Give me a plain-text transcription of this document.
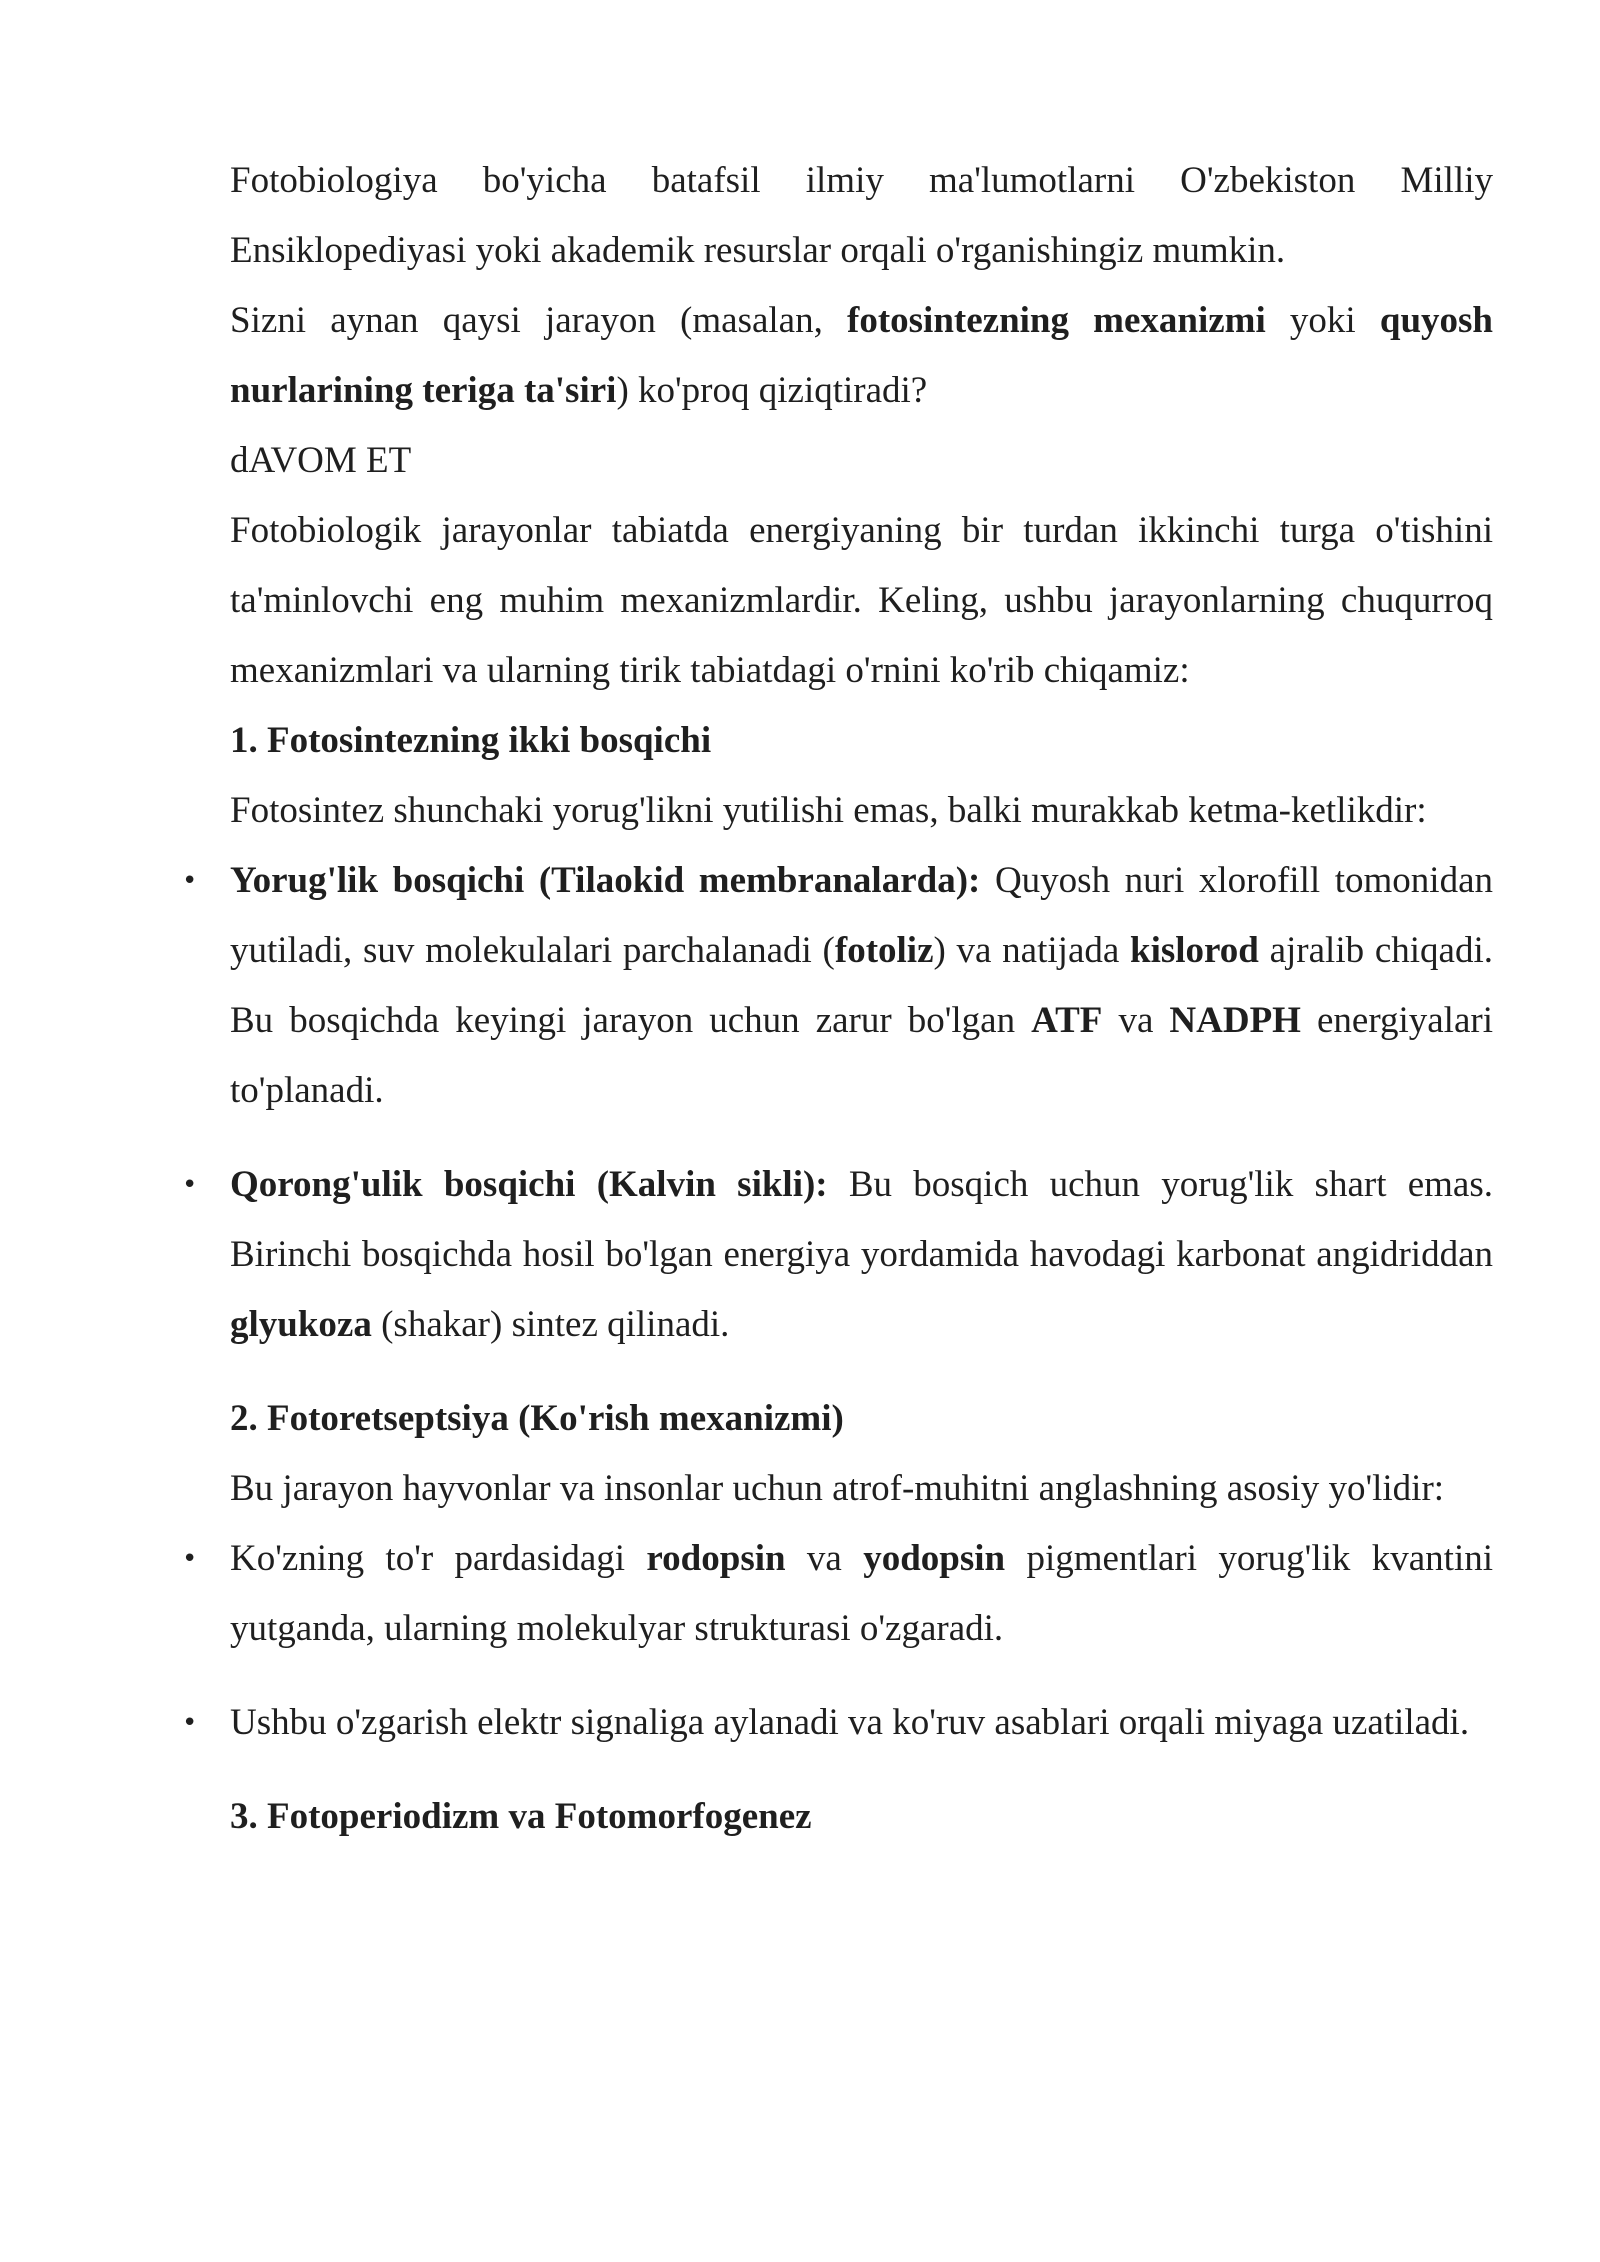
Fotobiologiya bo'yicha batafsil ilmiy ma'lumotlarni O'zbekiston Milliy Ensiklopediyasi yoki akademik resurslar orqali o'rganishingiz mumkin.

Sizni aynan qaysi jarayon (masalan, fotosintezning mexanizmi yoki quyosh nurlarining teriga ta'siri) ko'proq qiziqtiradi?

dAVOM ET

Fotobiologik jarayonlar tabiatda energiyaning bir turdan ikkinchi turga o'tishini ta'minlovchi eng muhim mexanizmlardir. Keling, ushbu jarayonlarning chuqurroq mexanizmlari va ularning tirik tabiatdagi o'rnini ko'rib chiqamiz:

1. Fotosintezning ikki bosqichi

Fotosintez shunchaki yorug'likni yutilishi emas, balki murakkab ketma-ketlikdir:

• Yorug'lik bosqichi (Tilaokid membranalarda): Quyosh nuri xlorofill tomonidan yutiladi, suv molekulalari parchalanadi (fotoliz) va natijada kislorod ajralib chiqadi. Bu bosqichda keyingi jarayon uchun zarur bo'lgan ATF va NADPH energiyalari to'planadi.
• Qorong'ulik bosqichi (Kalvin sikli): Bu bosqich uchun yorug'lik shart emas. Birinchi bosqichda hosil bo'lgan energiya yordamida havodagi karbonat angidriddan glyukoza (shakar) sintez qilinadi.
2. Fotoretseptsiya (Ko'rish mexanizmi)

Bu jarayon hayvonlar va insonlar uchun atrof-muhitni anglashning asosiy yo'lidir:

• Ko'zning to'r pardasidagi rodopsin va yodopsin pigmentlari yorug'lik kvantini yutganda, ularning molekulyar strukturasi o'zgaradi.
• Ushbu o'zgarish elektr signaliga aylanadi va ko'ruv asablari orqali miyaga uzatiladi.
3. Fotoperiodizm va Fotomorfogenez
